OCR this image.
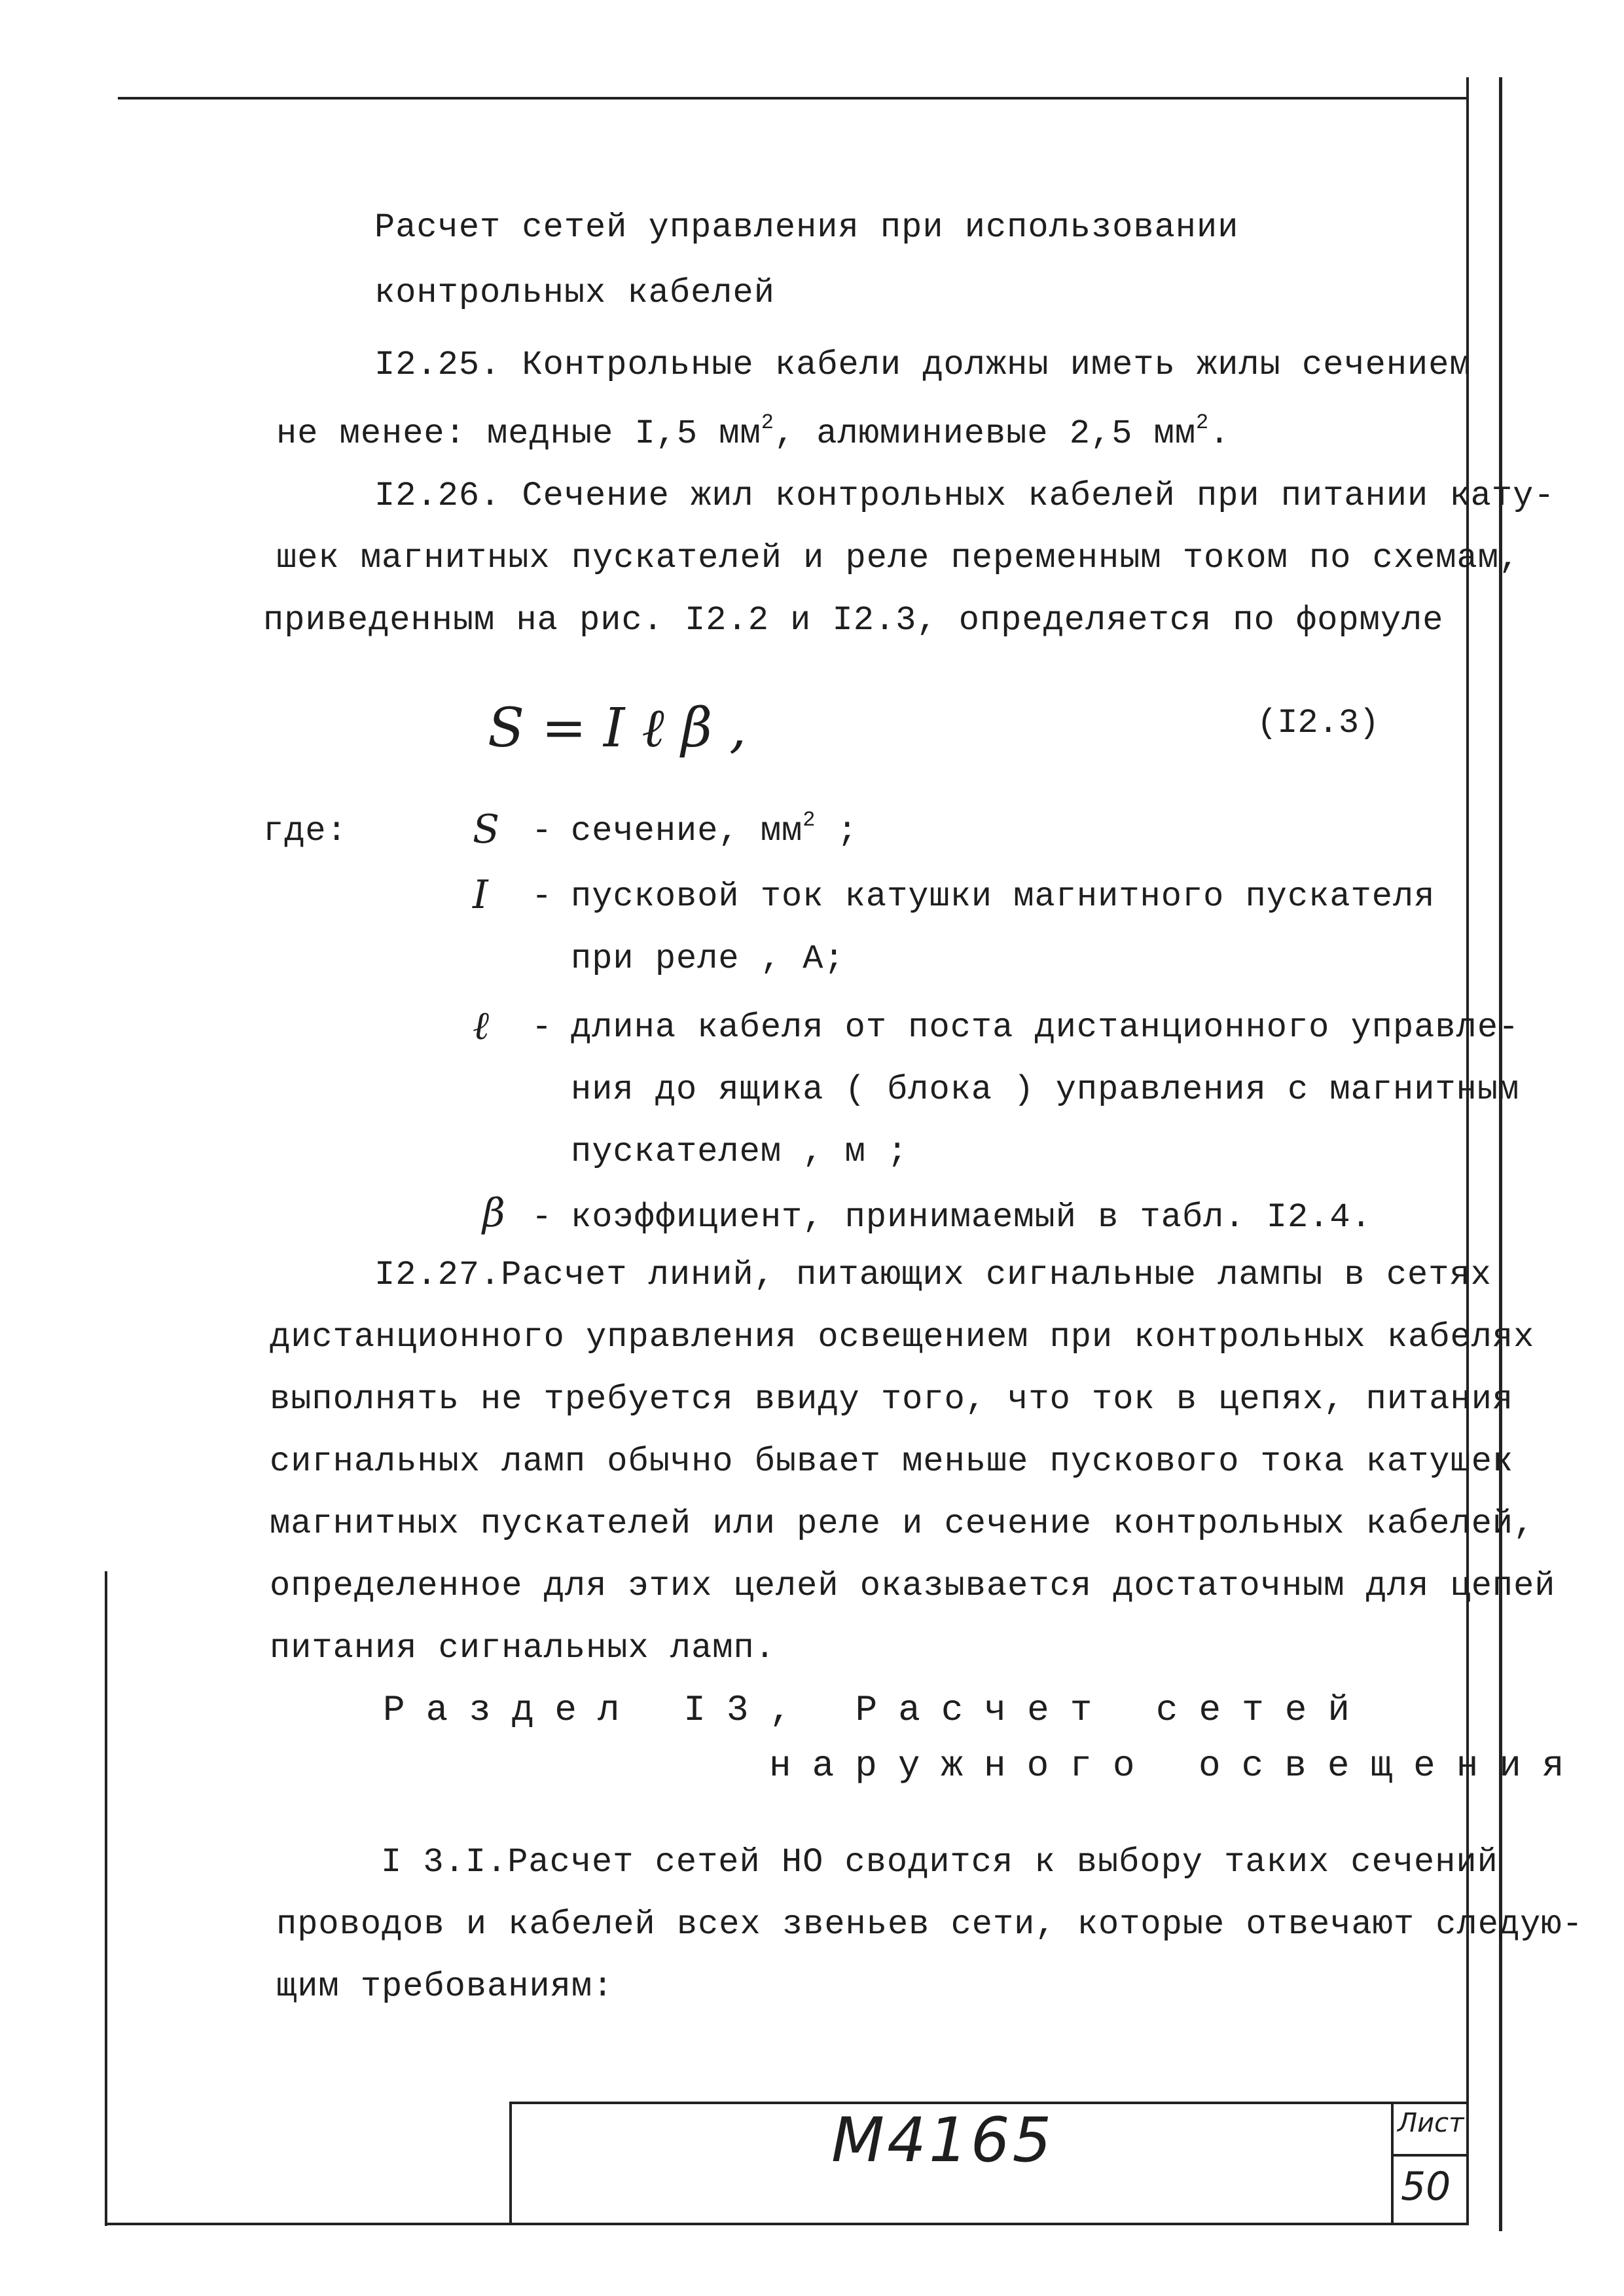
Расчет сетей управления при использовании
контрольных кабелей
I2.25. Контрольные кабели должны иметь жилы сечением
не менее: медные I,5 $мм^2$, алюминиевые 2,5 $мм^2$.
I2.26. Сечение жил контрольных кабелей при питании кату-
шек магнитных пускателей и реле переменным током по схемам,
приведенным на рис. I2.2 и I2.3, определяется по формуле
S = I ℓ β ,	(I2.3)
где:	S - сечение, $мм^2$ ;
I - пусковой ток катушки магнитного пускателя
при реле , А;
ℓ - длина кабеля от поста дистанционного управле-
ния до ящика ( блока ) управления с магнитным
пускателем , м ;
β - коэффициент, принимаемый в табл. I2.4.
I2.27.Расчет линий, питающих сигнальные лампы в сетях
дистанционного управления освещением при контрольных кабелях
выполнять не требуется ввиду того, что ток в цепях, питания
сигнальных ламп обычно бывает меньше пускового тока катушек
магнитных пускателей или реле и сечение контрольных кабелей,
определенное для этих целей оказывается достаточным для цепей
питания сигнальных ламп.
Раздел I3, Расчет сетей
наружного освещения
I 3.I.Расчет сетей НО сводится к выбору таких сечений
проводов и кабелей всех звеньев сети, которые отвечают следую-
щим требованиям:
М4165	Лист
50
